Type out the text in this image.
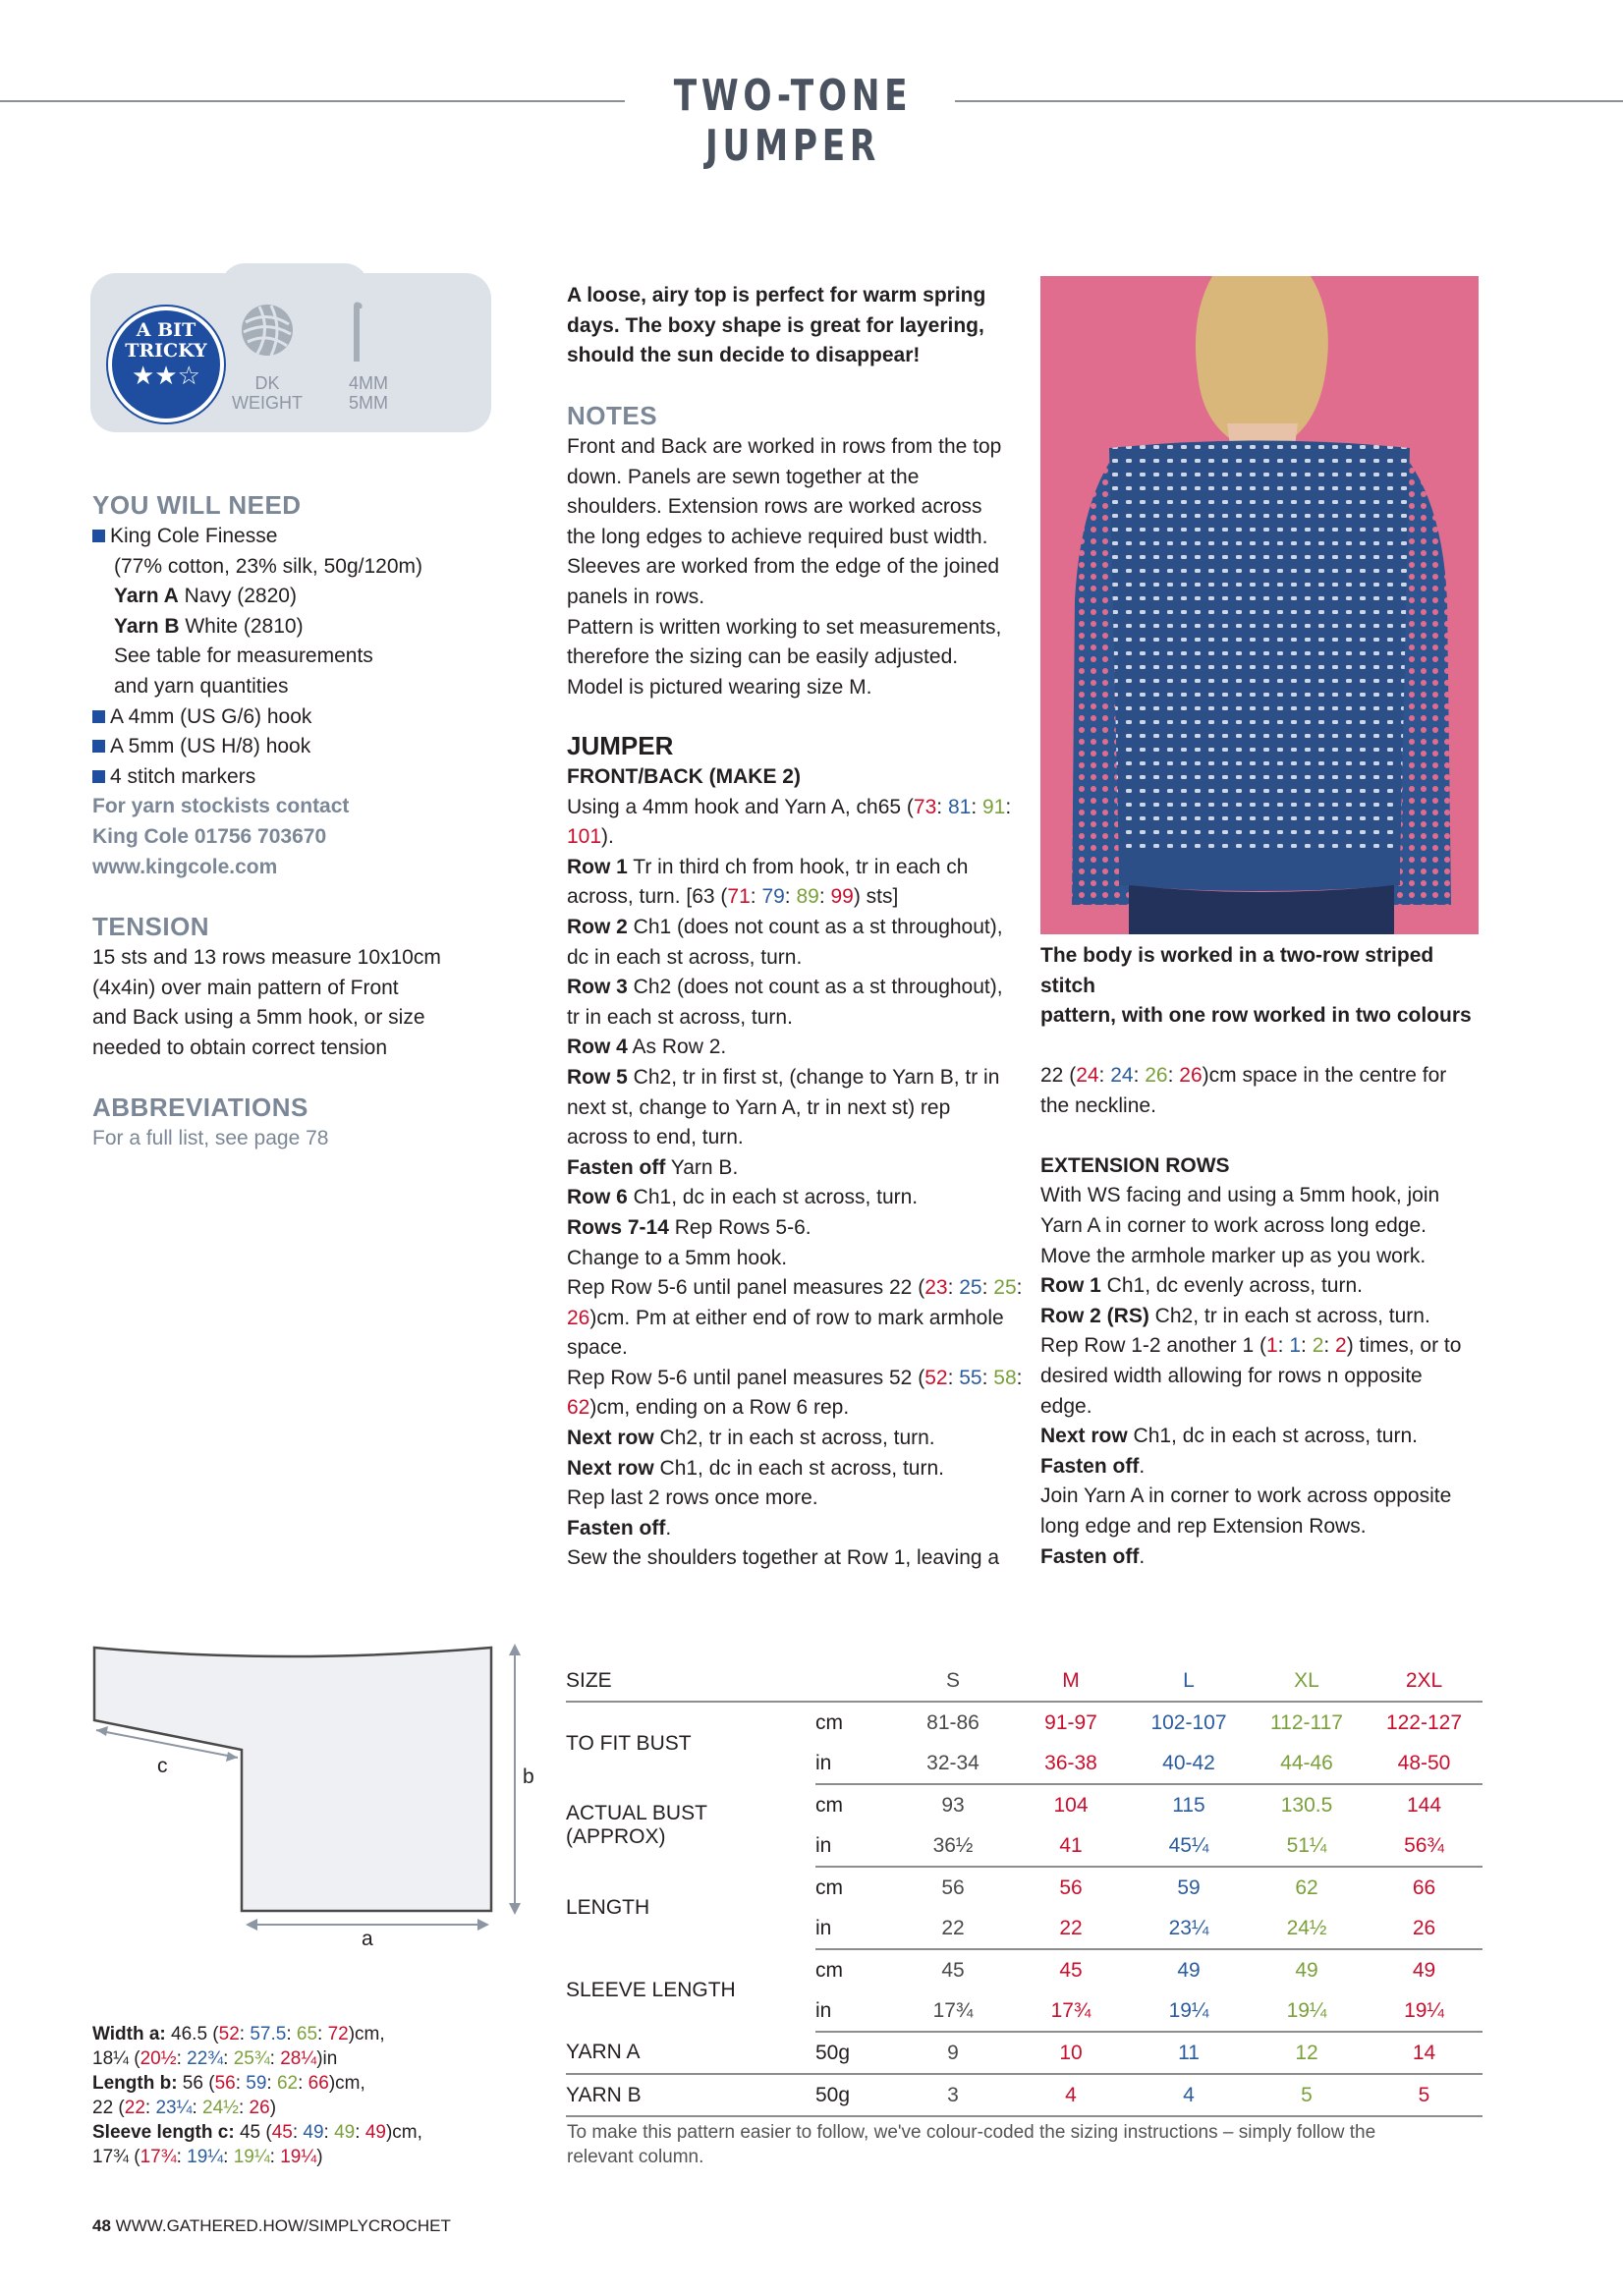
TWO-TONE JUMPER
A BIT
TRICKY
★★☆	DK
WEIGHT
4MM
5MM
YOU WILL NEED
King Cole Finesse
(77% cotton, 23% silk, 50g/120m)
Yarn A Navy (2820)
Yarn B White (2810)
See table for measurements
and yarn quantities
A 4mm (US G/6) hook
A 5mm (US H/8) hook
4 stitch markers
For yarn stockists contact
King Cole 01756 703670
www.kingcole.com
TENSION
15 sts and 13 rows measure 10x10cm
(4x4in) over main pattern of Front
and Back using a 5mm hook, or size
needed to obtain correct tension
ABBREVIATIONS
For a full list, see page 78
A loose, airy top is perfect for warm spring
days. The boxy shape is great for layering,
should the sun decide to disappear!
NOTES
Front and Back are worked in rows from the top
down. Panels are sewn together at the
shoulders. Extension rows are worked across
the long edges to achieve required bust width.
Sleeves are worked from the edge of the joined
panels in rows.
Pattern is written working to set measurements,
therefore the sizing can be easily adjusted.
Model is pictured wearing size M.
JUMPER
FRONT/BACK (MAKE 2)
Using a 4mm hook and Yarn A, ch65 (73: 81: 91:
101).
Row 1 Tr in third ch from hook, tr in each ch
across, turn. [63 (71: 79: 89: 99) sts]
Row 2 Ch1 (does not count as a st throughout),
dc in each st across, turn.
Row 3 Ch2 (does not count as a st throughout),
tr in each st across, turn.
Row 4 As Row 2.
Row 5 Ch2, tr in first st, (change to Yarn B, tr in
next st, change to Yarn A, tr in next st) rep
across to end, turn.
Fasten off Yarn B.
Row 6 Ch1, dc in each st across, turn.
Rows 7-14 Rep Rows 5-6.
Change to a 5mm hook.
Rep Row 5-6 until panel measures 22 (23: 25: 25:
26)cm. Pm at either end of row to mark armhole
space.
Rep Row 5-6 until panel measures 52 (52: 55: 58:
62)cm, ending on a Row 6 rep.
Next row Ch2, tr in each st across, turn.
Next row Ch1, dc in each st across, turn.
Rep last 2 rows once more.
Fasten off.
Sew the shoulders together at Row 1, leaving a
The body is worked in a two-row striped stitch
pattern, with one row worked in two colours
22 (24: 24: 26: 26)cm space in the centre for
the neckline.
EXTENSION ROWS
With WS facing and using a 5mm hook, join
Yarn A in corner to work across long edge.
Move the armhole marker up as you work.
Row 1 Ch1, dc evenly across, turn.
Row 2 (RS) Ch2, tr in each st across, turn.
Rep Row 1-2 another 1 (1: 1: 2: 2) times, or to
desired width allowing for rows n opposite
edge.
Next row Ch1, dc in each st across, turn.
Fasten off.
Join Yarn A in corner to work across opposite
long edge and rep Extension Rows.
Fasten off.
c	b
a
Width a: 46.5 (52: 57.5: 65: 72)cm,
18¼ (20½: 22¾: 25¾: 28¼)in
Length b: 56 (56: 59: 62: 66)cm,
22 (22: 23¼: 24½: 26)
Sleeve length c: 45 (45: 49: 49: 49)cm,
17¾ (17¾: 19¼: 19¼: 19¼)
SIZE		S	M	L	XL	2XL
TO FIT BUST	cm	81-86	91-97	102-107	112-117	122-127
	in	32-34	36-38	40-42	44-46	48-50
ACTUAL BUST
(APPROX)	cm	93	104	115	130.5	144
	in	36½	41	45¼	51¼	56¾
LENGTH	cm	56	56	59	62	66
	in	22	22	23¼	24½	26
SLEEVE LENGTH	cm	45	45	49	49	49
	in	17¾	17¾	19¼	19¼	19¼
YARN A	50g	9	10	11	12	14
YARN B	50g	3	4	4	5	5
To make this pattern easier to follow, we've colour-coded the sizing instructions – simply follow the
relevant column.
48 WWW.GATHERED.HOW/SIMPLYCROCHET
